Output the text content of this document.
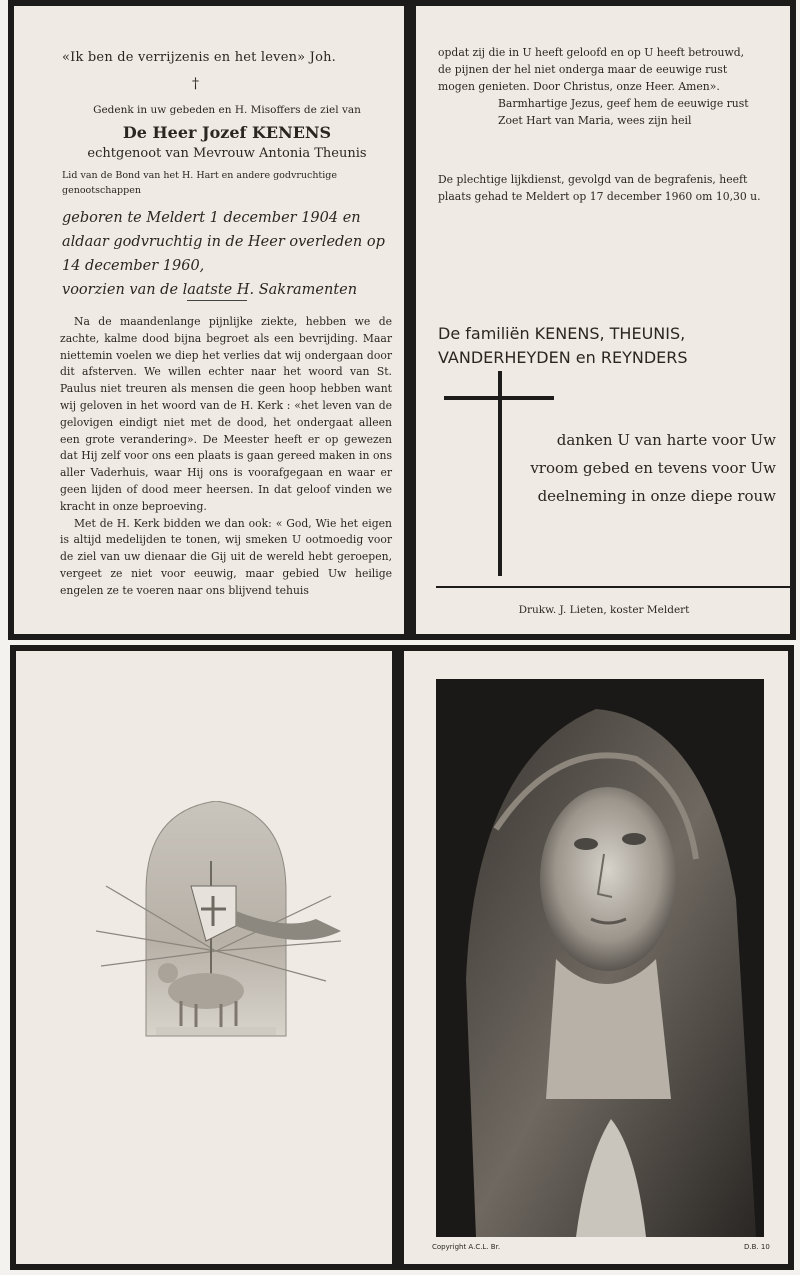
«Ik ben de verrijzenis en het leven» Joh.
†
Gedenk in uw gebeden en H. Misoffers de ziel van
De Heer Jozef KENENS
echtgenoot van Mevrouw Antonia Theunis
Lid van de Bond van het H. Hart en andere godvruchtige genootschappen
geboren te Meldert 1 december 1904 en
aldaar godvruchtig in de Heer overleden op
14 december 1960,
voorzien van de laatste H. Sakramenten

Na de maandenlange pijnlijke ziekte, hebben we de zachte, kalme dood bijna begroet als een bevrijding. Maar niettemin voelen we diep het verlies dat wij ondergaan door dit afsterven. We willen echter naar het woord van St. Paulus niet treuren als mensen die geen hoop hebben want wij geloven in het woord van de H. Kerk : «het leven van de gelovigen eindigt niet met de dood, het ondergaat alleen een grote verandering». De Meester heeft er op gewezen dat Hij zelf voor ons een plaats is gaan gereed maken in ons aller Vaderhuis, waar Hij ons is voorafgegaan en waar er geen lijden of dood meer heersen. In dat geloof vinden we kracht in onze beproeving.

Met de H. Kerk bidden we dan ook: « God, Wie het eigen is altijd medelijden te tonen, wij smeken U ootmoedig voor de ziel van uw dienaar die Gij uit de wereld hebt geroepen, vergeet ze niet voor eeuwig, maar gebied Uw heilige engelen ze te voeren naar ons blijvend tehuis

opdat zij die in U heeft geloofd en op U heeft betrouwd,
de pijnen der hel niet onderga maar de eeuwige rust
mogen genieten. Door Christus, onze Heer. Amen».
Barmhartige Jezus, geef hem de eeuwige rust
Zoet Hart van Maria, wees zijn heil
De plechtige lijkdienst, gevolgd van de begrafenis, heeft
plaats gehad te Meldert op 17 december 1960 om 10,30 u.
De familiën KENENS, THEUNIS,
VANDERHEYDEN en REYNDERS
danken U van harte voor Uw
vroom gebed en tevens voor Uw
deelneming in onze diepe rouw
Drukw. J. Lieten, koster Meldert

Copyright A.C.L. Br.	D.B. 10
